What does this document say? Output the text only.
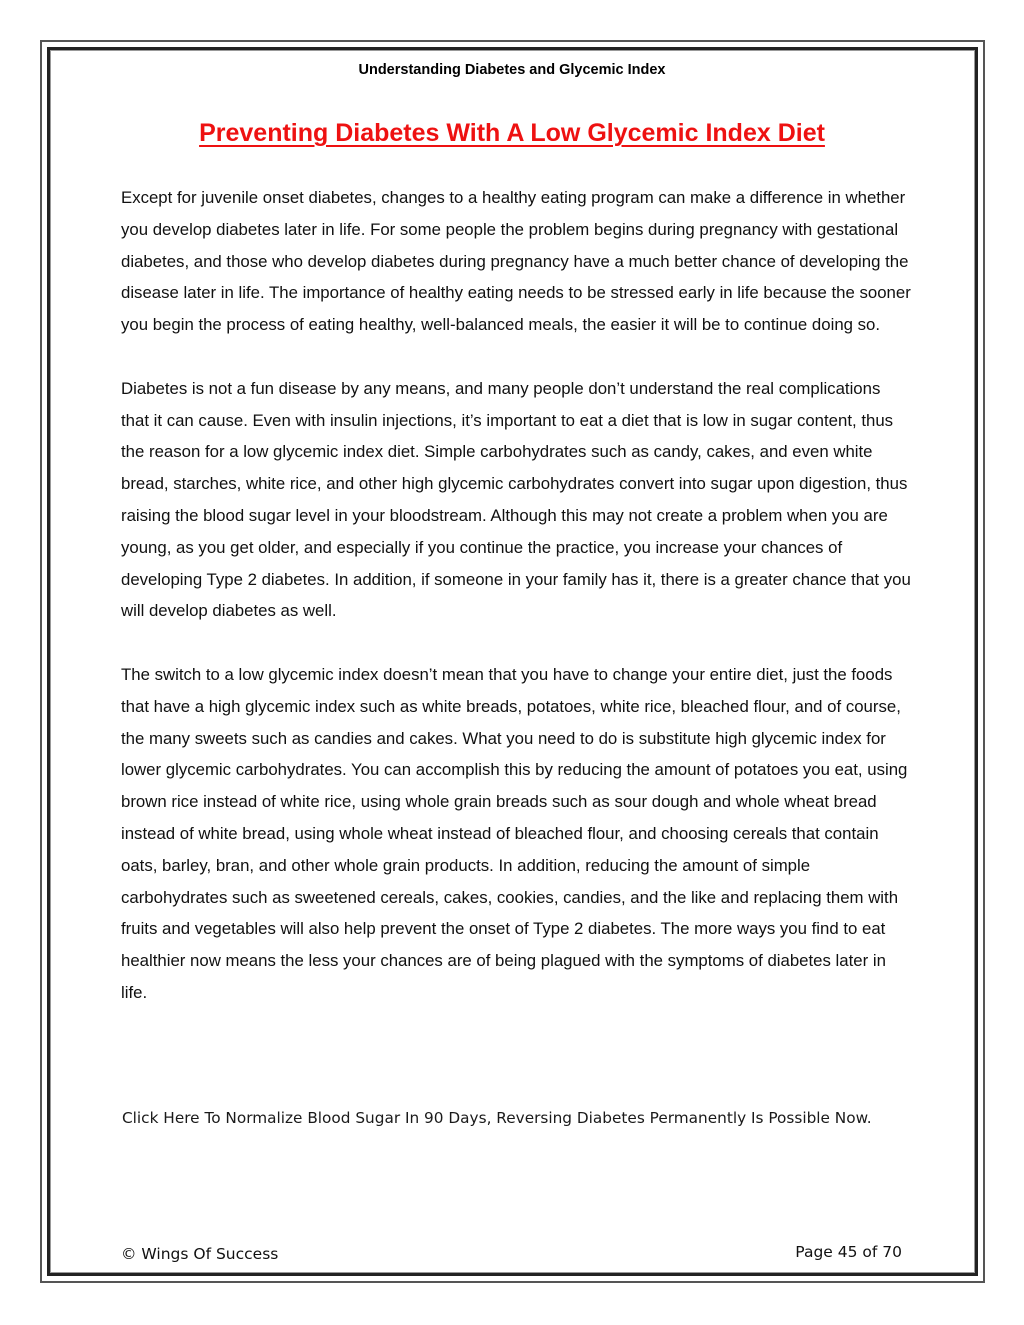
Understanding Diabetes and Glycemic Index
Preventing Diabetes With A Low Glycemic Index Diet

Except for juvenile onset diabetes, changes to a healthy eating program can make a difference in whether you develop diabetes later in life. For some people the problem begins during pregnancy with gestational diabetes, and those who develop diabetes during pregnancy have a much better chance of developing the disease later in life. The importance of healthy eating needs to be stressed early in life because the sooner you begin the process of eating healthy, well-balanced meals, the easier it will be to continue doing so.

Diabetes is not a fun disease by any means, and many people don’t understand the real complications that it can cause. Even with insulin injections, it’s important to eat a diet that is low in sugar content, thus the reason for a low glycemic index diet. Simple carbohydrates such as candy, cakes, and even white bread, starches, white rice, and other high glycemic carbohydrates convert into sugar upon digestion, thus raising the blood sugar level in your bloodstream. Although this may not create a problem when you are young, as you get older, and especially if you continue the practice, you increase your chances of developing Type 2 diabetes. In addition, if someone in your family has it, there is a greater chance that you will develop diabetes as well.

The switch to a low glycemic index doesn’t mean that you have to change your entire diet, just the foods that have a high glycemic index such as white breads, potatoes, white rice, bleached flour, and of course, the many sweets such as candies and cakes. What you need to do is substitute high glycemic index for lower glycemic carbohydrates. You can accomplish this by reducing the amount of potatoes you eat, using brown rice instead of white rice, using whole grain breads such as sour dough and whole wheat bread instead of white bread, using whole wheat instead of bleached flour, and choosing cereals that contain oats, barley, bran, and other whole grain products. In addition, reducing the amount of simple carbohydrates such as sweetened cereals, cakes, cookies, candies, and the like and replacing them with fruits and vegetables will also help prevent the onset of Type 2 diabetes. The more ways you find to eat healthier now means the less your chances are of being plagued with the symptoms of diabetes later in life.

Click Here To Normalize Blood Sugar In 90 Days, Reversing Diabetes Permanently Is Possible Now.
© Wings Of Success	Page 45 of 70
